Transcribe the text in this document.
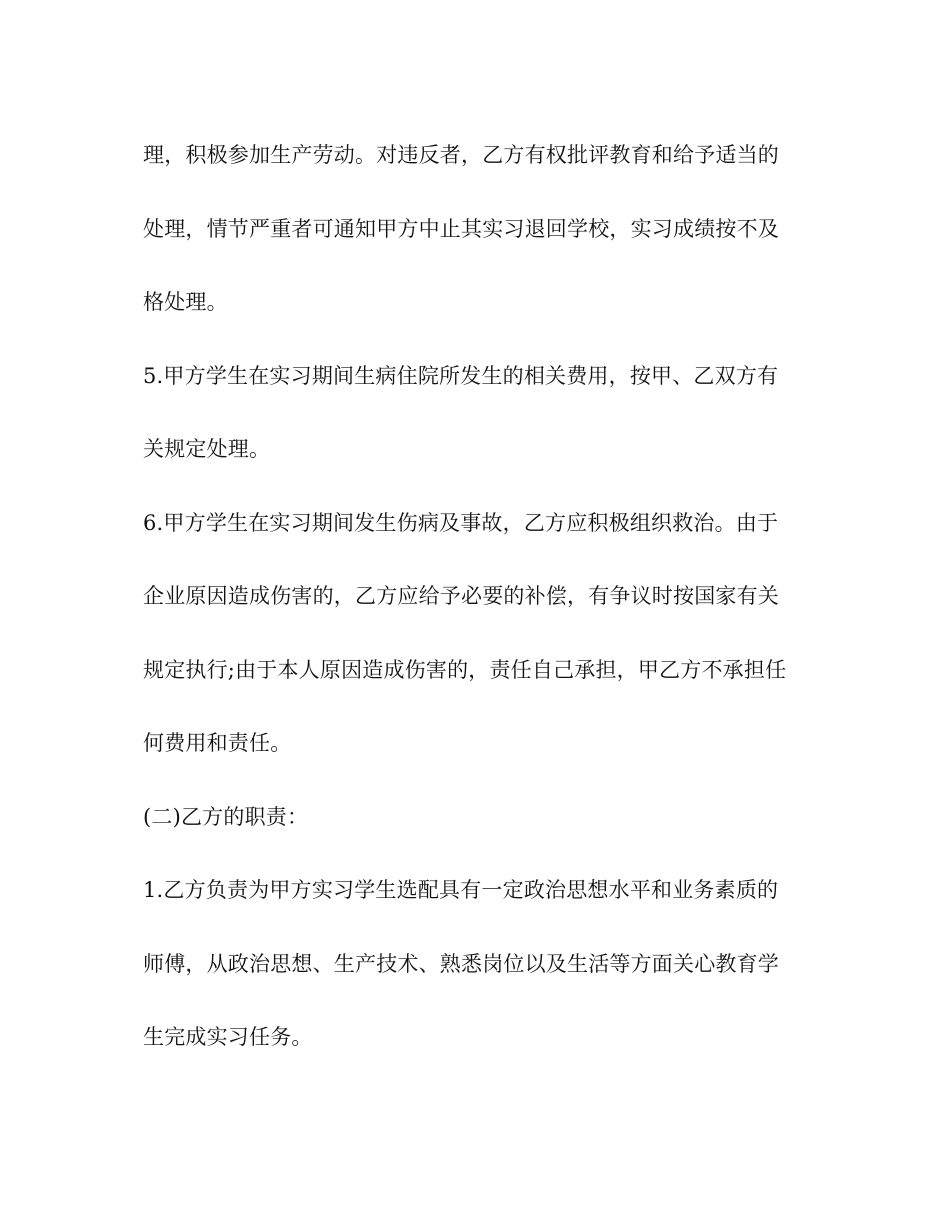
理，积极参加生产劳动。对违反者，乙方有权批评教育和给予适当的
处理，情节严重者可通知甲方中止其实习退回学校，实习成绩按不及
格处理。
5.甲方学生在实习期间生病住院所发生的相关费用，按甲、乙双方有
关规定处理。
6.甲方学生在实习期间发生伤病及事故，乙方应积极组织救治。由于
企业原因造成伤害的，乙方应给予必要的补偿，有争议时按国家有关
规定执行;由于本人原因造成伤害的，责任自己承担，甲乙方不承担任
何费用和责任。
(二)乙方的职责：
1.乙方负责为甲方实习学生选配具有一定政治思想水平和业务素质的
师傅，从政治思想、生产技术、熟悉岗位以及生活等方面关心教育学
生完成实习任务。
